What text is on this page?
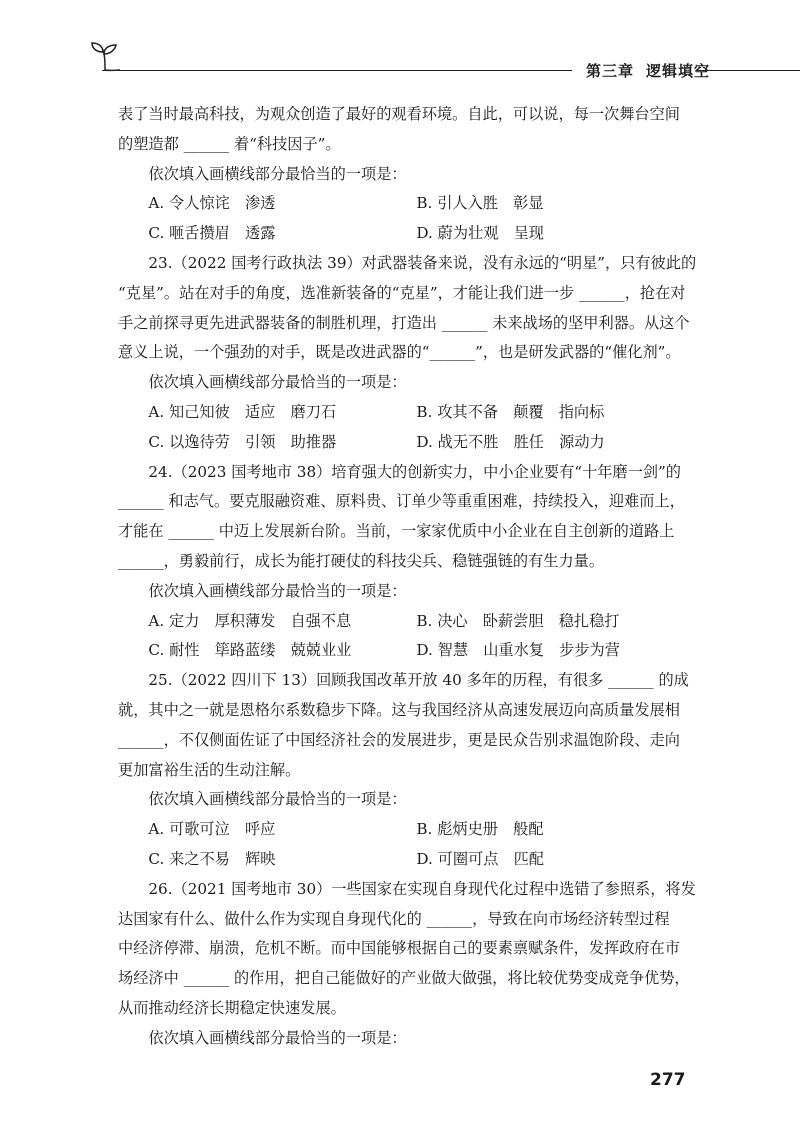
第三章 逻辑填空

表了当时最高科技，为观众创造了最好的观看环境。自此，可以说，每一次舞台空间

的塑造都 ______ 着“科技因子”。

依次填入画横线部分最恰当的一项是：

A. 令人惊诧　渗透	B. 引人入胜　彰显
C. 咂舌攒眉　透露	D. 蔚为壮观　呈现

23.（2022 国考行政执法 39）对武器装备来说，没有永远的“明星”，只有彼此的

“克星”。站在对手的角度，选准新装备的“克星”，才能让我们进一步 ______，抢在对

手之前探寻更先进武器装备的制胜机理，打造出 ______ 未来战场的坚甲利器。从这个

意义上说，一个强劲的对手，既是改进武器的“______”，也是研发武器的“催化剂”。

依次填入画横线部分最恰当的一项是：

A. 知己知彼　适应　磨刀石	B. 攻其不备　颠覆　指向标
C. 以逸待劳　引领　助推器	D. 战无不胜　胜任　源动力

24.（2023 国考地市 38）培育强大的创新实力，中小企业要有“十年磨一剑”的

______ 和志气。要克服融资难、原料贵、订单少等重重困难，持续投入，迎难而上，

才能在 ______ 中迈上发展新台阶。当前，一家家优质中小企业在自主创新的道路上

______，勇毅前行，成长为能打硬仗的科技尖兵、稳链强链的有生力量。

依次填入画横线部分最恰当的一项是：

A. 定力　厚积薄发　自强不息	B. 决心　卧薪尝胆　稳扎稳打
C. 耐性　筚路蓝缕　兢兢业业	D. 智慧　山重水复　步步为营

25.（2022 四川下 13）回顾我国改革开放 40 多年的历程，有很多 ______ 的成

就，其中之一就是恩格尔系数稳步下降。这与我国经济从高速发展迈向高质量发展相

______，不仅侧面佐证了中国经济社会的发展进步，更是民众告别求温饱阶段、走向

更加富裕生活的生动注解。

依次填入画横线部分最恰当的一项是：

A. 可歌可泣　呼应	B. 彪炳史册　般配
C. 来之不易　辉映	D. 可圈可点　匹配

26.（2021 国考地市 30）一些国家在实现自身现代化过程中选错了参照系，将发

达国家有什么、做什么作为实现自身现代化的 ______，导致在向市场经济转型过程

中经济停滞、崩溃，危机不断。而中国能够根据自己的要素禀赋条件，发挥政府在市

场经济中 ______ 的作用，把自己能做好的产业做大做强，将比较优势变成竞争优势，

从而推动经济长期稳定快速发展。

依次填入画横线部分最恰当的一项是：

277
